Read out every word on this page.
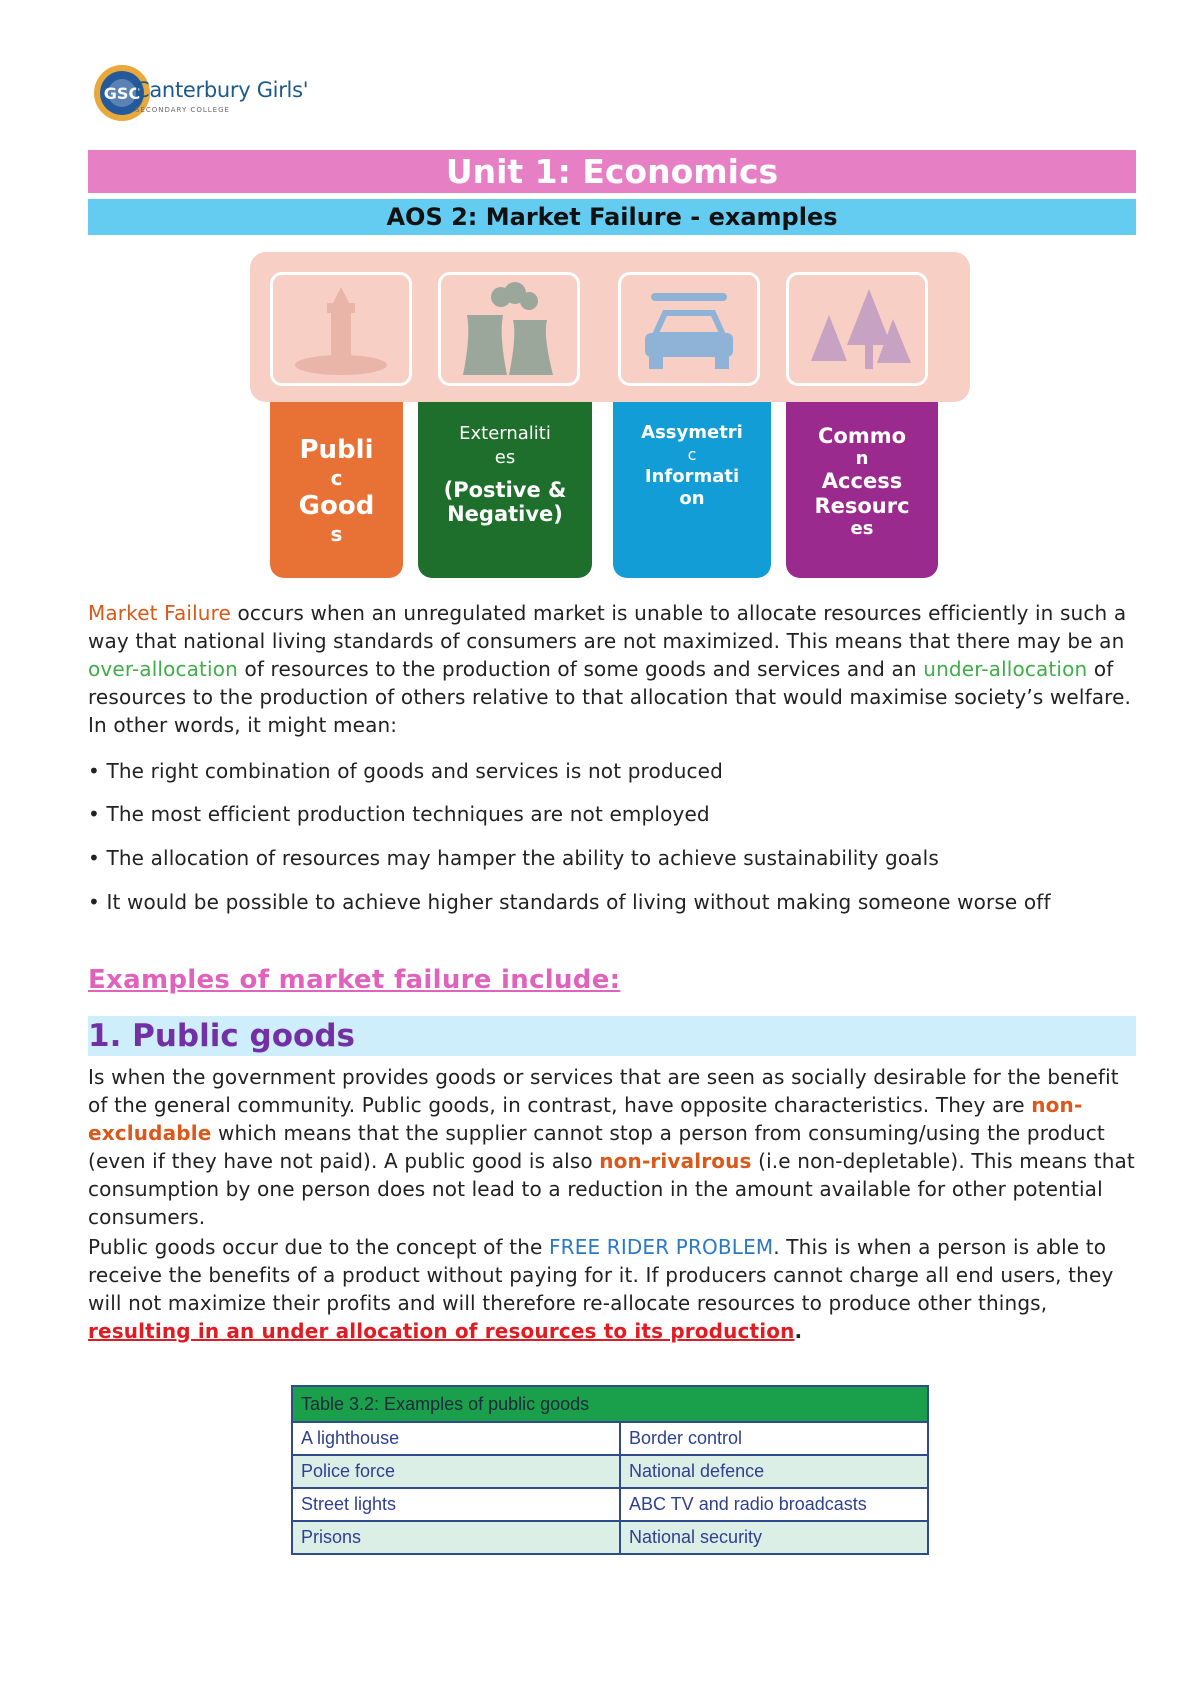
GSC
Canterbury Girls'
SECONDARY COLLEGE
Unit 1: Economics
AOS 2: Market Failure - examples
Publi
c
Good
s
Externaliti
es
(Postive &
Negative)
Assymetri
c
Informati
on
Commo
n
Access
Resourc
es
Market Failure occurs when an unregulated market is unable to allocate resources efficiently in such a way that national living standards of consumers are not maximized. This means that there may be an over-allocation of resources to the production of some goods and services and an under-allocation of resources to the production of others relative to that allocation that would maximise society’s welfare. In other words, it might mean:
• The right combination of goods and services is not produced
• The most efficient production techniques are not employed
• The allocation of resources may hamper the ability to achieve sustainability goals
• It would be possible to achieve higher standards of living without making someone worse off
Examples of market failure include:
1. Public goods
Is when the government provides goods or services that are seen as socially desirable for the benefit of the general community. Public goods, in contrast, have opposite characteristics. They are non-excludable which means that the supplier cannot stop a person from consuming/using the product (even if they have not paid). A public good is also non-rivalrous (i.e non-depletable). This means that consumption by one person does not lead to a reduction in the amount available for other potential consumers.
Public goods occur due to the concept of the FREE RIDER PROBLEM. This is when a person is able to receive the benefits of a product without paying for it. If producers cannot charge all end users, they will not maximize their profits and will therefore re-allocate resources to produce other things, resulting in an under allocation of resources to its production.
Table 3.2: Examples of public goods	
A lighthouse	Border control
Police force	National defence
Street lights	ABC TV and radio broadcasts
Prisons	National security
